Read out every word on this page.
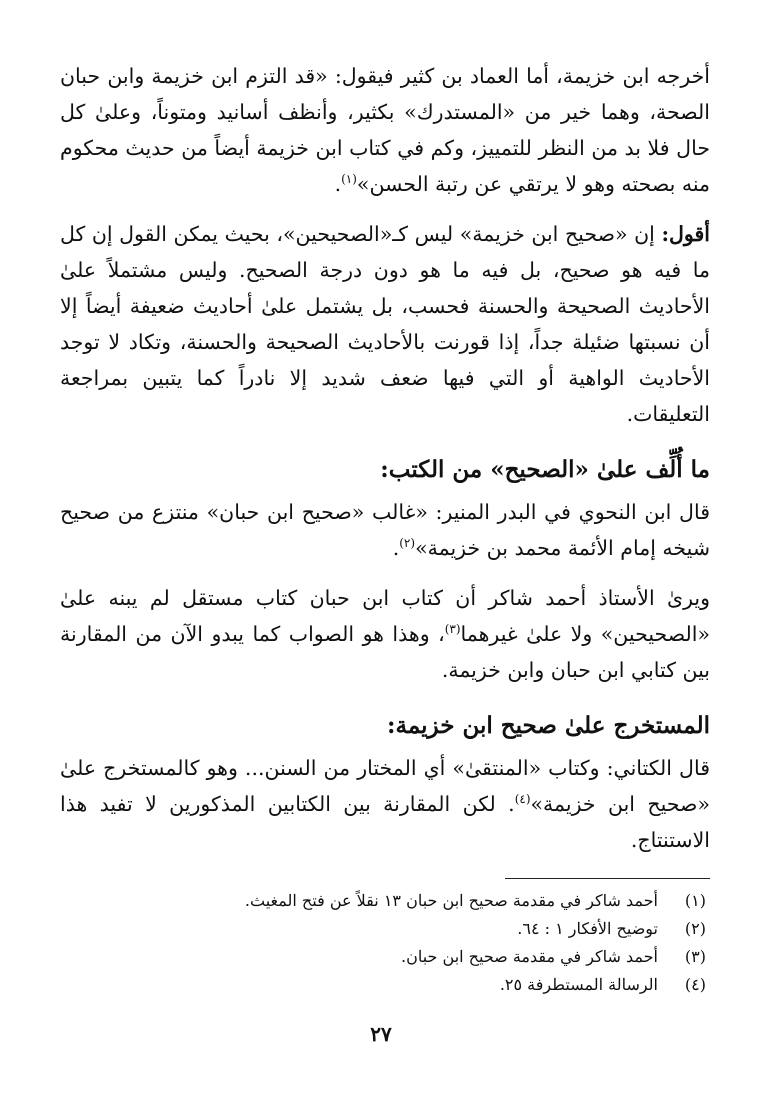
أخرجه ابن خزيمة، أما العماد بن كثير فيقول: «قد التزم ابن خزيمة وابن حبان الصحة، وهما خير من «المستدرك» بكثير، وأنظف أسانيد ومتوناً، وعلىٰ كل حال فلا بد من النظر للتمييز، وكم في كتاب ابن خزيمة أيضاً من حديث محكوم منه بصحته وهو لا يرتقي عن رتبة الحسن»$^{(١)}$.

أقول: إن «صحيح ابن خزيمة» ليس كـ«الصحيحين»، بحيث يمكن القول إن كل ما فيه هو صحيح، بل فيه ما هو دون درجة الصحيح. وليس مشتملاً علىٰ الأحاديث الصحيحة والحسنة فحسب، بل يشتمل علىٰ أحاديث ضعيفة أيضاً إلا أن نسبتها ضئيلة جداً، إذا قورنت بالأحاديث الصحيحة والحسنة، وتكاد لا توجد الأحاديث الواهية أو التي فيها ضعف شديد إلا نادراً كما يتبين بمراجعة التعليقات.

ما أُلِّف علىٰ «الصحيح» من الكتب:

قال ابن النحوي في البدر المنير: «غالب «صحيح ابن حبان» منتزع من صحيح شيخه إمام الأئمة محمد بن خزيمة»$^{(٢)}$.

ويرىٰ الأستاذ أحمد شاكر أن كتاب ابن حبان كتاب مستقل لم يبنه علىٰ «الصحيحين» ولا علىٰ غيرهما$^{(٣)}$، وهذا هو الصواب كما يبدو الآن من المقارنة بين كتابي ابن حبان وابن خزيمة.

المستخرج علىٰ صحيح ابن خزيمة:

قال الكتاني: وكتاب «المنتقىٰ» أي المختار من السنن... وهو كالمستخرج علىٰ «صحيح ابن خزيمة»$^{(٤)}$. لكن المقارنة بين الكتابين المذكورين لا تفيد هذا الاستنتاج.

(١)
أحمد شاكر في مقدمة صحيح ابن حبان ١٣ نقلاً عن فتح المغيث.
(٢)
توضيح الأفكار ١ : ٦٤.
(٣)
أحمد شاكر في مقدمة صحيح ابن حبان.
(٤)
الرسالة المستطرفة ٢٥.
٢٧
